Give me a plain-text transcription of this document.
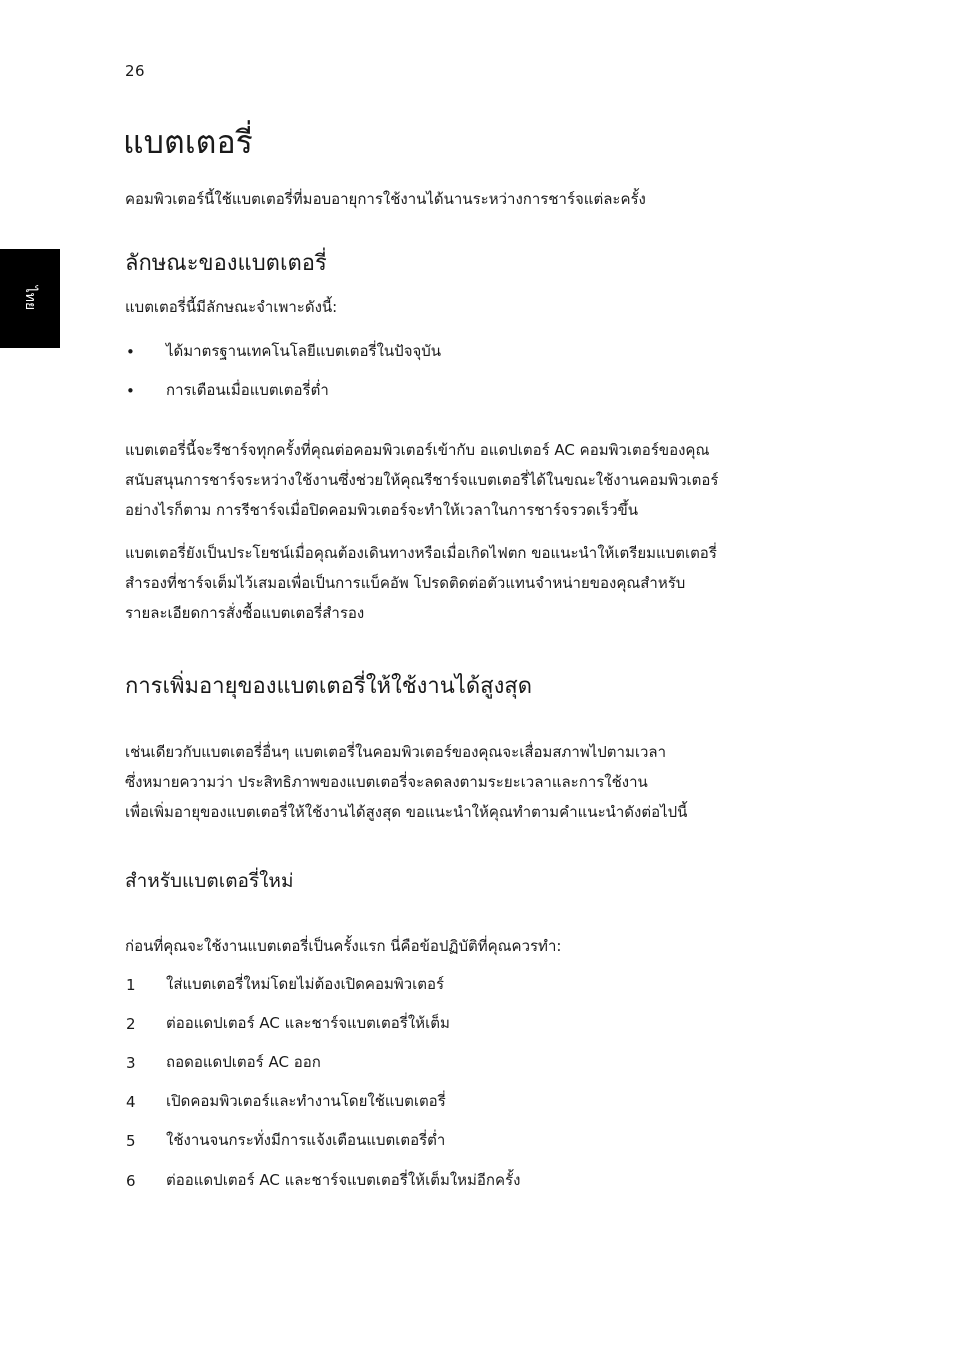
26
ไทย
แบตเตอรี่

คอมพิวเตอร์นี้ใช้แบตเตอรี่ที่มอบอายุการใช้งานได้นานระหว่างการชาร์จแต่ละครั้ง

ลักษณะของแบตเตอรี่

แบตเตอรี่นี้มีลักษณะจำเพาะดังนี้:

• ได้มาตรฐานเทคโนโลยีแบตเตอรี่ในปัจจุบัน
• การเตือนเมื่อแบตเตอรี่ต่ำ

แบตเตอรี่นี้จะรีชาร์จทุกครั้งที่คุณต่อคอมพิวเตอร์เข้ากับ อแดปเตอร์ AC คอมพิวเตอร์ของคุณ

สนับสนุนการชาร์จระหว่างใช้งานซึ่งช่วยให้คุณรีชาร์จแบตเตอรี่ได้ในขณะใช้งานคอมพิวเตอร์

อย่างไรก็ตาม การรีชาร์จเมื่อปิดคอมพิวเตอร์จะทำให้เวลาในการชาร์จรวดเร็วขึ้น

แบตเตอรี่ยังเป็นประโยชน์เมื่อคุณต้องเดินทางหรือเมื่อเกิดไฟตก ขอแนะนำให้เตรียมแบตเตอรี่

สำรองที่ชาร์จเต็มไว้เสมอเพื่อเป็นการแบ็คอัพ โปรดติดต่อตัวแทนจำหน่ายของคุณสำหรับ

รายละเอียดการสั่งซื้อแบตเตอรี่สำรอง

การเพิ่มอายุของแบตเตอรี่ให้ใช้งานได้สูงสุด

เช่นเดียวกับแบตเตอรี่อื่นๆ แบตเตอรี่ในคอมพิวเตอร์ของคุณจะเสื่อมสภาพไปตามเวลา

ซึ่งหมายความว่า ประสิทธิภาพของแบตเตอรี่จะลดลงตามระยะเวลาและการใช้งาน

เพื่อเพิ่มอายุของแบตเตอรี่ให้ใช้งานได้สูงสุด ขอแนะนำให้คุณทำตามคำแนะนำดังต่อไปนี้

สำหรับแบตเตอรี่ใหม่

ก่อนที่คุณจะใช้งานแบตเตอรี่เป็นครั้งแรก นี่คือข้อปฏิบัติที่คุณควรทำ:

1 ใส่แบตเตอรี่ใหม่โดยไม่ต้องเปิดคอมพิวเตอร์
2 ต่ออแดปเตอร์ AC และชาร์จแบตเตอรี่ให้เต็ม
3 ถอดอแดปเตอร์ AC ออก
4 เปิดคอมพิวเตอร์และทำงานโดยใช้แบตเตอรี่
5 ใช้งานจนกระทั่งมีการแจ้งเตือนแบตเตอรี่ต่ำ
6 ต่ออแดปเตอร์ AC และชาร์จแบตเตอรี่ให้เต็มใหม่อีกครั้ง
